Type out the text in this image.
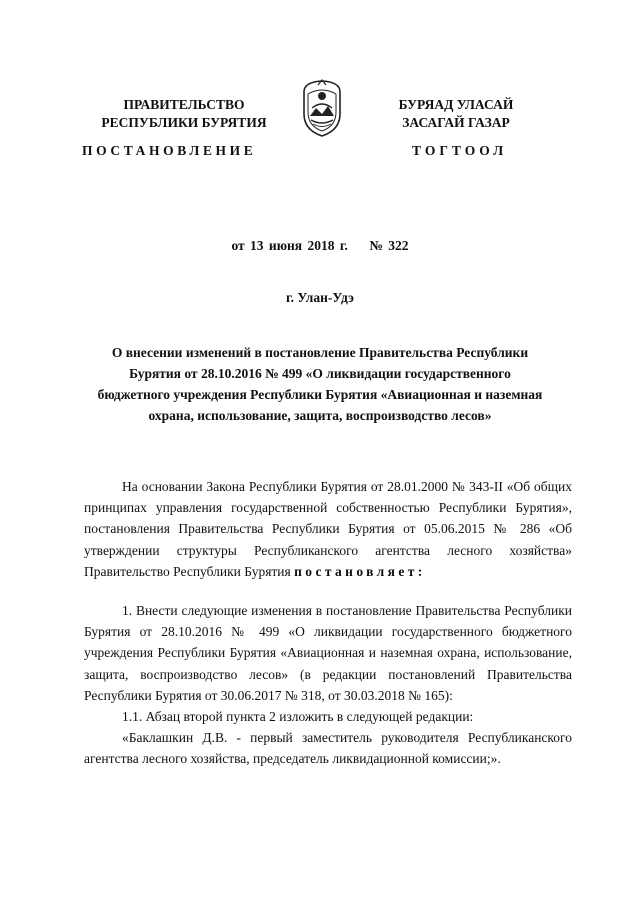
ПРАВИТЕЛЬСТВО
РЕСПУБЛИКИ БУРЯТИЯ
БУРЯАД УЛАСАЙ
ЗАСАГАЙ ГАЗАР
ПОСТАНОВЛЕНИЕ	ТОГТООЛ
от 13 июня 2018 г.    № 322
г. Улан-Удэ
О внесении изменений в постановление Правительства Республики Бурятия от 28.10.2016 № 499 «О ликвидации государственного бюджетного учреждения Республики Бурятия «Авиационная и наземная охрана, использование, защита, воспроизводство лесов»

На основании Закона Республики Бурятия от 28.01.2000 № 343-II «Об общих принципах управления государственной собственностью Республики Бурятия», постановления Правительства Республики Бурятия от 05.06.2015 № 286 «Об утверждении структуры Республиканского агентства лесного хозяйства» Правительство Республики Бурятия постановляет:

1. Внести следующие изменения в постановление Правительства Республики Бурятия от 28.10.2016 № 499 «О ликвидации государственного бюджетного учреждения Республики Бурятия «Авиационная и наземная охрана, использование, защита, воспроизводство лесов» (в редакции постановлений Правительства Республики Бурятия от 30.06.2017 № 318, от 30.03.2018 № 165):

1.1. Абзац второй пункта 2 изложить в следующей редакции:

«Баклашкин Д.В. - первый заместитель руководителя Республиканского агентства лесного хозяйства, председатель ликвидационной комиссии;».
